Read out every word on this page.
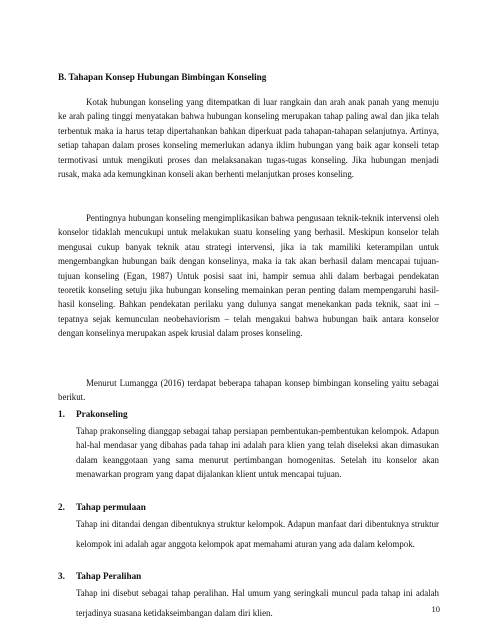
B. Tahapan Konsep Hubungan Bimbingan Konseling
Kotak hubungan konseling yang ditempatkan di luar rangkain dan arah anak panah yang menuju ke arah paling tinggi menyatakan bahwa hubungan konseling merupakan tahap paling awal dan jika telah terbentuk maka ia harus tetap dipertahankan bahkan diperkuat pada tahapan-tahapan selanjutnya. Artinya, setiap tahapan dalam proses konseling memerlukan adanya iklim hubungan yang baik agar konseli tetap termotivasi untuk mengikuti proses dan melaksanakan tugas-tugas konseling. Jika hubungan menjadi rusak, maka ada kemungkinan konseli akan berhenti melanjutkan proses konseling.
Pentingnya hubungan konseling mengimplikasikan bahwa pengusaan teknik-teknik intervensi oleh konselor tidaklah mencukupi untuk melakukan suatu konseling yang berhasil. Meskipun konselor telah mengusai cukup banyak teknik atau strategi intervensi, jika ia tak mamiliki keterampilan untuk mengembangkan hubungan baik dengan konselinya, maka ia tak akan berhasil dalam mencapai tujuan-tujuan konseling (Egan, 1987) Untuk posisi saat ini, hampir semua ahli dalam berbagai pendekatan teoretik konseling setuju jika hubungan konseling memainkan peran penting dalam mempengaruhi hasil-hasil konseling. Bahkan pendekatan perilaku yang dulunya sangat menekankan pada teknik, saat ini – tepatnya sejak kemunculan neobehaviorism – telah mengakui bahwa hubungan baik antara konselor dengan konselinya merupakan aspek krusial dalam proses konseling.
Menurut Lumangga (2016) terdapat beberapa tahapan konsep bimbingan konseling yaitu sebagai berikut.
1. Prakonseling
Tahap prakonseling dianggap sebagai tahap persiapan pembentukan-pembentukan kelompok. Adapun hal-hal mendasar yang dibahas pada tahap ini adalah para klien yang telah diseleksi akan dimasukan dalam keanggotaan yang sama menurut pertimbangan homogenitas. Setelah itu konselor akan menawarkan program yang dapat dijalankan klient untuk mencapai tujuan.
2. Tahap permulaan
Tahap ini ditandai dengan dibentuknya struktur kelompok. Adapun manfaat dari dibentuknya struktur kelompok ini adalah agar anggota kelompok apat memahami aturan yang ada dalam kelompok.
3. Tahap Peralihan
Tahap ini disebut sebagai tahap peralihan. Hal umum yang seringkali muncul pada tahap ini adalah terjadinya suasana ketidakseimbangan dalam diri klien.	10
